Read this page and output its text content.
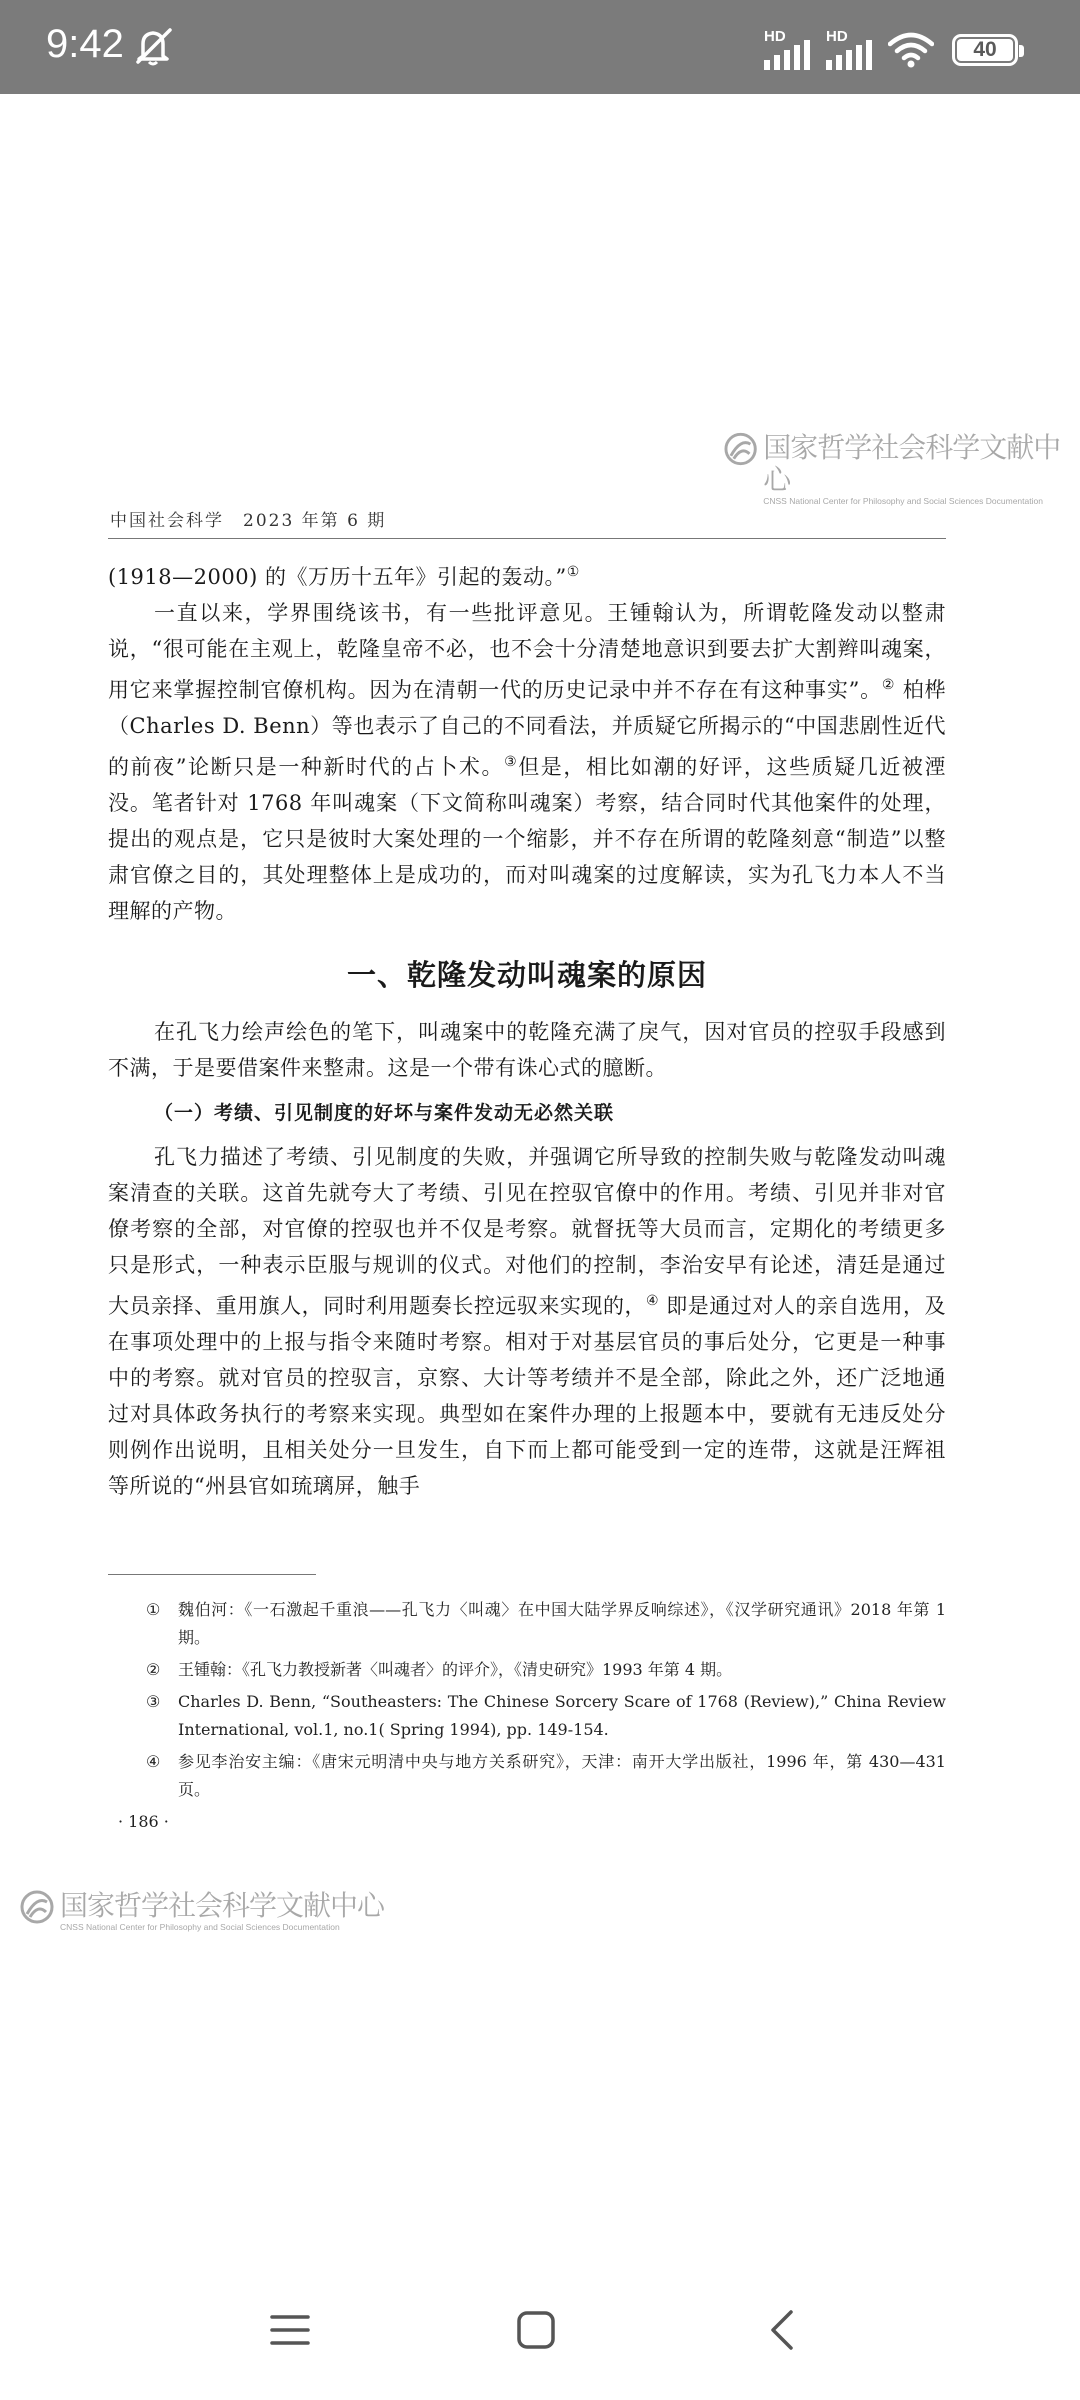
9:42	HD	HD
40
国家哲学社会科学文献中心
CNSS National Center for Philosophy and Social Sciences Documentation
中国社会科学　2023 年第 6 期

(1918—2000) 的《万历十五年》引起的轰动。”①

一直以来，学界围绕该书，有一些批评意见。王锺翰认为，所谓乾隆发动以整肃说，“很可能在主观上，乾隆皇帝不必，也不会十分清楚地意识到要去扩大割辫叫魂案，用它来掌握控制官僚机构。因为在清朝一代的历史记录中并不存在有这种事实”。② 柏桦（Charles D. Benn）等也表示了自己的不同看法，并质疑它所揭示的“中国悲剧性近代的前夜”论断只是一种新时代的占卜术。③但是，相比如潮的好评，这些质疑几近被湮没。笔者针对 1768 年叫魂案（下文简称叫魂案）考察，结合同时代其他案件的处理，提出的观点是，它只是彼时大案处理的一个缩影，并不存在所谓的乾隆刻意“制造”以整肃官僚之目的，其处理整体上是成功的，而对叫魂案的过度解读，实为孔飞力本人不当理解的产物。

一、乾隆发动叫魂案的原因

在孔飞力绘声绘色的笔下，叫魂案中的乾隆充满了戾气，因对官员的控驭手段感到不满，于是要借案件来整肃。这是一个带有诛心式的臆断。

（一）考绩、引见制度的好坏与案件发动无必然关联

孔飞力描述了考绩、引见制度的失败，并强调它所导致的控制失败与乾隆发动叫魂案清查的关联。这首先就夸大了考绩、引见在控驭官僚中的作用。考绩、引见并非对官僚考察的全部，对官僚的控驭也并不仅是考察。就督抚等大员而言，定期化的考绩更多只是形式，一种表示臣服与规训的仪式。对他们的控制，李治安早有论述，清廷是通过大员亲择、重用旗人，同时利用题奏长控远驭来实现的，④ 即是通过对人的亲自选用，及在事项处理中的上报与指令来随时考察。相对于对基层官员的事后处分，它更是一种事中的考察。就对官员的控驭言，京察、大计等考绩并不是全部，除此之外，还广泛地通过对具体政务执行的考察来实现。典型如在案件办理的上报题本中，要就有无违反处分则例作出说明，且相关处分一旦发生，自下而上都可能受到一定的连带，这就是汪辉祖等所说的“州县官如琉璃屏，触手

① 魏伯河：《一石激起千重浪——孔飞力〈叫魂〉在中国大陆学界反响综述》，《汉学研究通讯》2018 年第 1 期。
② 王锺翰：《孔飞力教授新著〈叫魂者〉的评介》，《清史研究》1993 年第 4 期。
③ Charles D. Benn, “Southeasters: The Chinese Sorcery Scare of 1768 (Review),” China Review International, vol.1, no.1( Spring 1994), pp. 149-154.
④ 参见李治安主编：《唐宋元明清中央与地方关系研究》，天津：南开大学出版社，1996 年，第 430—431 页。
· 186 ·
国家哲学社会科学文献中心
CNSS National Center for Philosophy and Social Sciences Documentation
